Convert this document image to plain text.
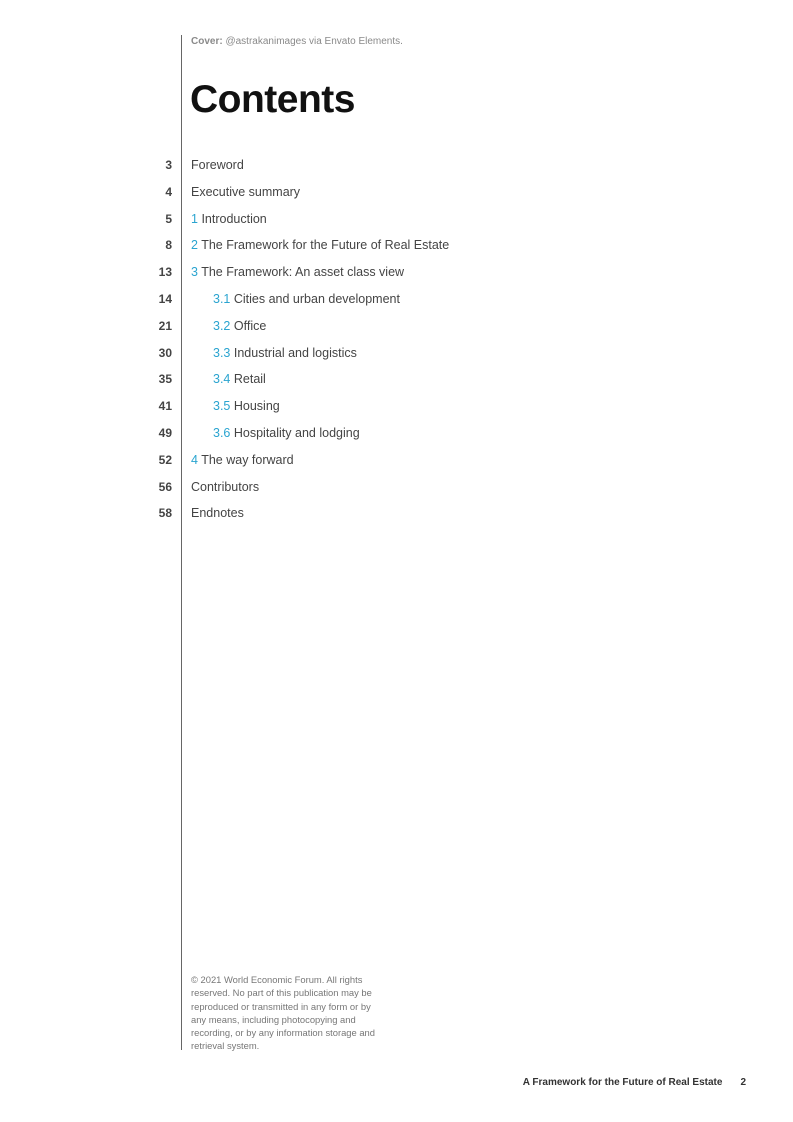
Cover: @astrakanimages via Envato Elements.
Contents
3 Foreword
4 Executive summary
5 1 Introduction
8 2 The Framework for the Future of Real Estate
13 3 The Framework: An asset class view
14	3.1 Cities and urban development
21	3.2 Office
30	3.3 Industrial and logistics
35	3.4 Retail
41	3.5 Housing
49	3.6 Hospitality and lodging
52 4 The way forward
56 Contributors
58 Endnotes

© 2021 World Economic Forum. All rights reserved. No part of this publication may be reproduced or transmitted in any form or by any means, including photocopying and recording, or by any information storage and retrieval system.

A Framework for the Future of Real Estate 2
